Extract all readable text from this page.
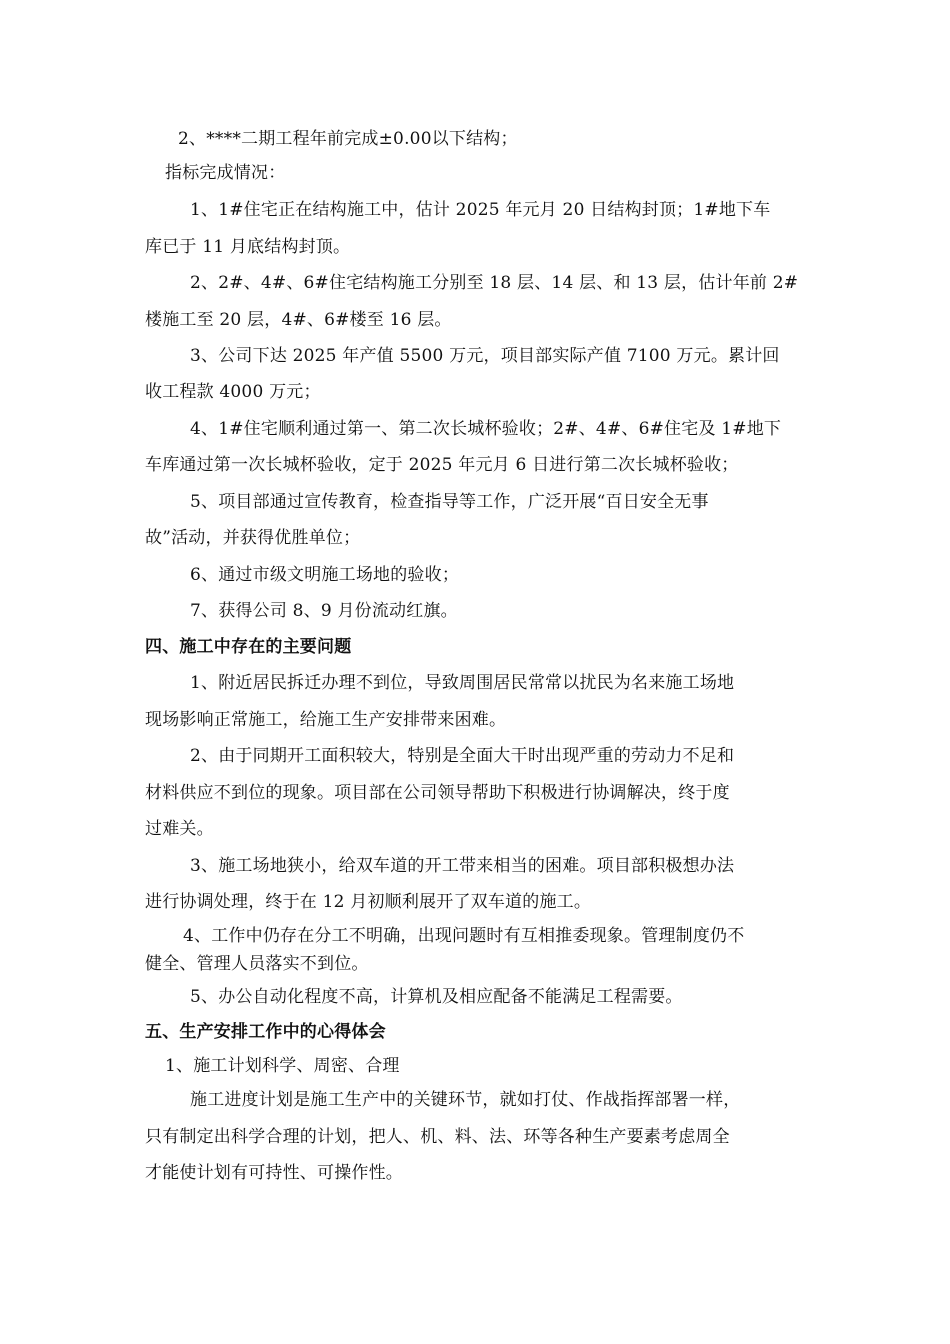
2、****二期工程年前完成±0.00以下结构；
指标完成情况：
1、1#住宅正在结构施工中，估计 2025 年元月 20 日结构封顶；1#地下车
库已于 11 月底结构封顶。
2、2#、4#、6#住宅结构施工分别至 18 层、14 层、和 13 层，估计年前 2#
楼施工至 20 层，4#、6#楼至 16 层。
3、公司下达 2025 年产值 5500 万元，项目部实际产值 7100 万元。累计回
收工程款 4000 万元；
4、1#住宅顺利通过第一、第二次长城杯验收；2#、4#、6#住宅及 1#地下
车库通过第一次长城杯验收，定于 2025 年元月 6 日进行第二次长城杯验收；
5、项目部通过宣传教育，检查指导等工作，广泛开展“百日安全无事
故”活动，并获得优胜单位；
6、通过市级文明施工场地的验收；
7、获得公司 8、9 月份流动红旗。
四、施工中存在的主要问题
1、附近居民拆迁办理不到位，导致周围居民常常以扰民为名来施工场地
现场影响正常施工，给施工生产安排带来困难。
2、由于同期开工面积较大，特别是全面大干时出现严重的劳动力不足和
材料供应不到位的现象。项目部在公司领导帮助下积极进行协调解决，终于度
过难关。
3、施工场地狭小，给双车道的开工带来相当的困难。项目部积极想办法
进行协调处理，终于在 12 月初顺利展开了双车道的施工。
4、工作中仍存在分工不明确，出现问题时有互相推委现象。管理制度仍不
健全、管理人员落实不到位。
5、办公自动化程度不高，计算机及相应配备不能满足工程需要。
五、生产安排工作中的心得体会
1、施工计划科学、周密、合理
施工进度计划是施工生产中的关键环节，就如打仗、作战指挥部署一样，
只有制定出科学合理的计划，把人、机、料、法、环等各种生产要素考虑周全
才能使计划有可持性、可操作性。
